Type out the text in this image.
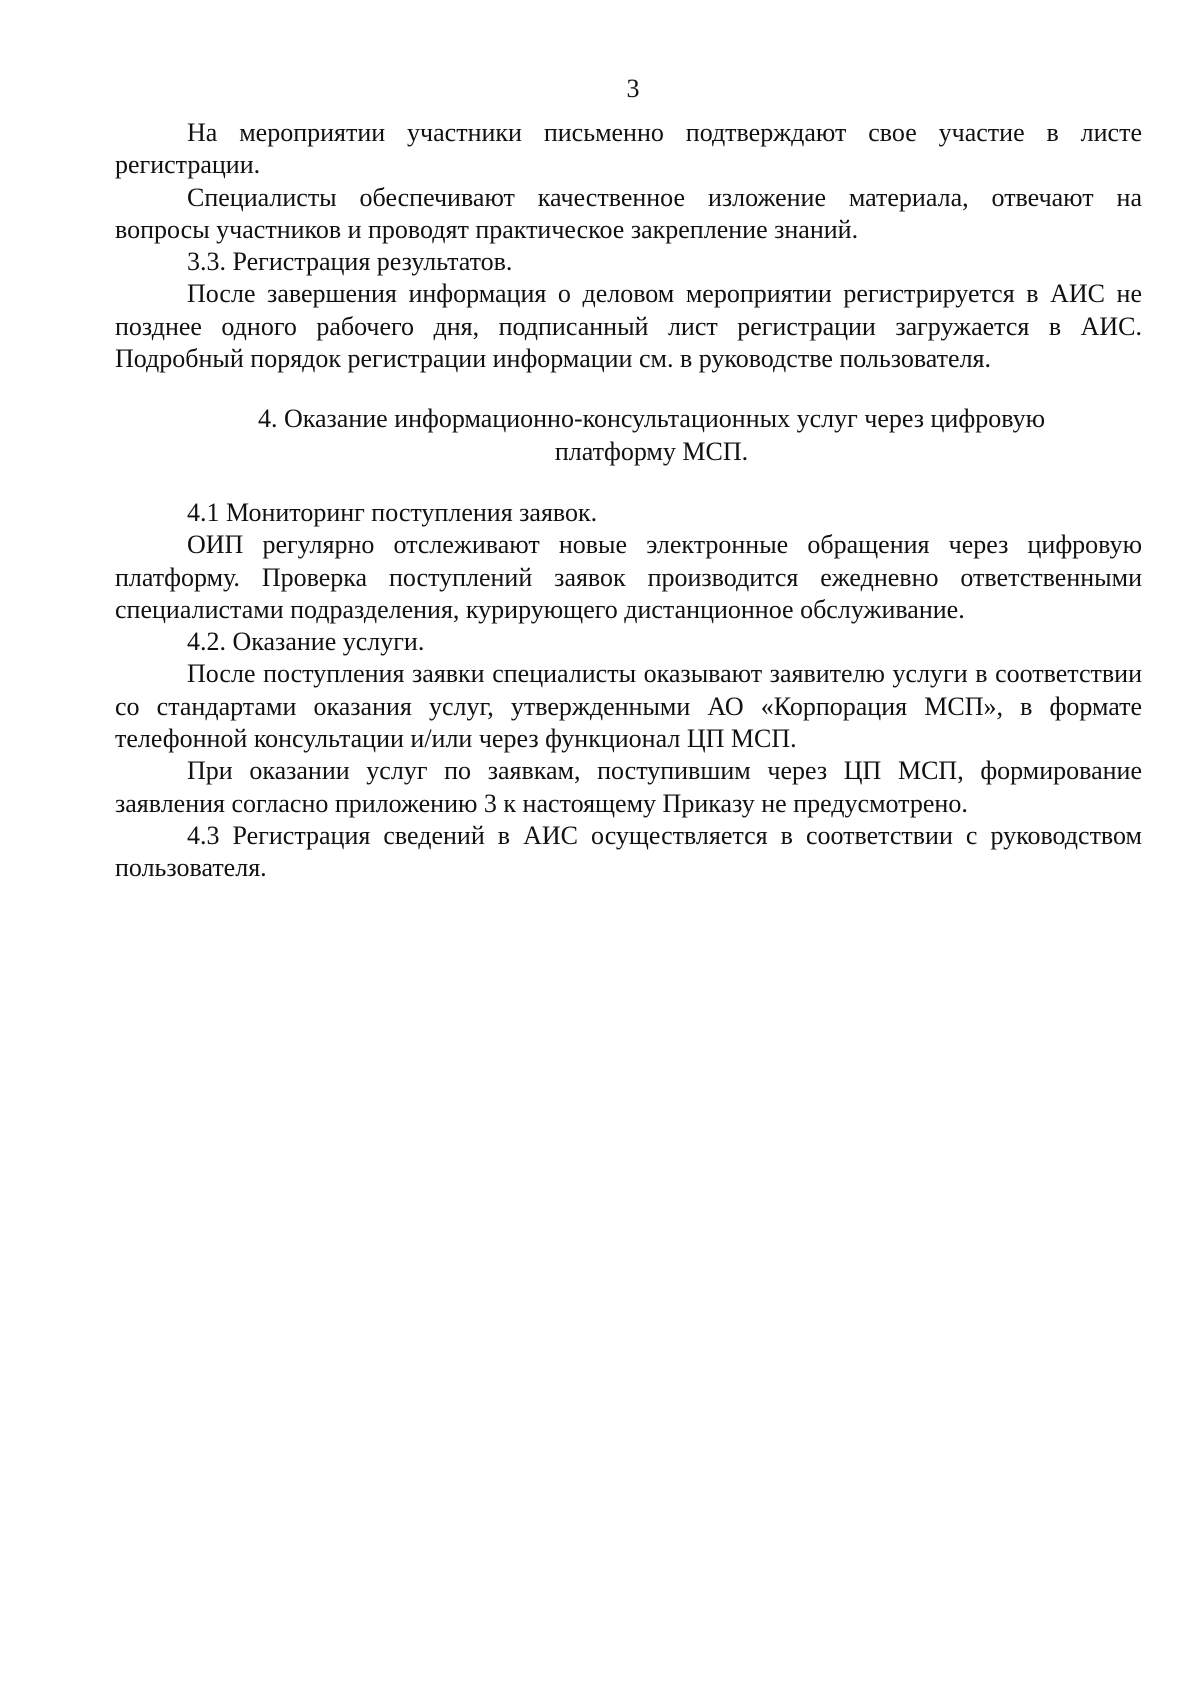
3

На мероприятии участники письменно подтверждают свое участие в листе регистрации.

Специалисты обеспечивают качественное изложение материала, отвечают на вопросы участников и проводят практическое закрепление знаний.

3.3. Регистрация результатов.

После завершения информация о деловом мероприятии регистрируется в АИС не позднее одного рабочего дня, подписанный лист регистрации загружается в АИС. Подробный порядок регистрации информации см. в руководстве пользователя.

4. Оказание информационно-консультационных услуг через цифровую платформу МСП.

4.1 Мониторинг поступления заявок.

ОИП регулярно отслеживают новые электронные обращения через цифровую платформу. Проверка поступлений заявок производится ежедневно ответственными специалистами подразделения, курирующего дистанционное обслуживание.

4.2. Оказание услуги.

После поступления заявки специалисты оказывают заявителю услуги в соответствии со стандартами оказания услуг, утвержденными АО «Корпорация МСП», в формате телефонной консультации и/или через функционал ЦП МСП.

При оказании услуг по заявкам, поступившим через ЦП МСП, формирование заявления согласно приложению 3 к настоящему Приказу не предусмотрено.

4.3 Регистрация сведений в АИС осуществляется в соответствии с руководством пользователя.
